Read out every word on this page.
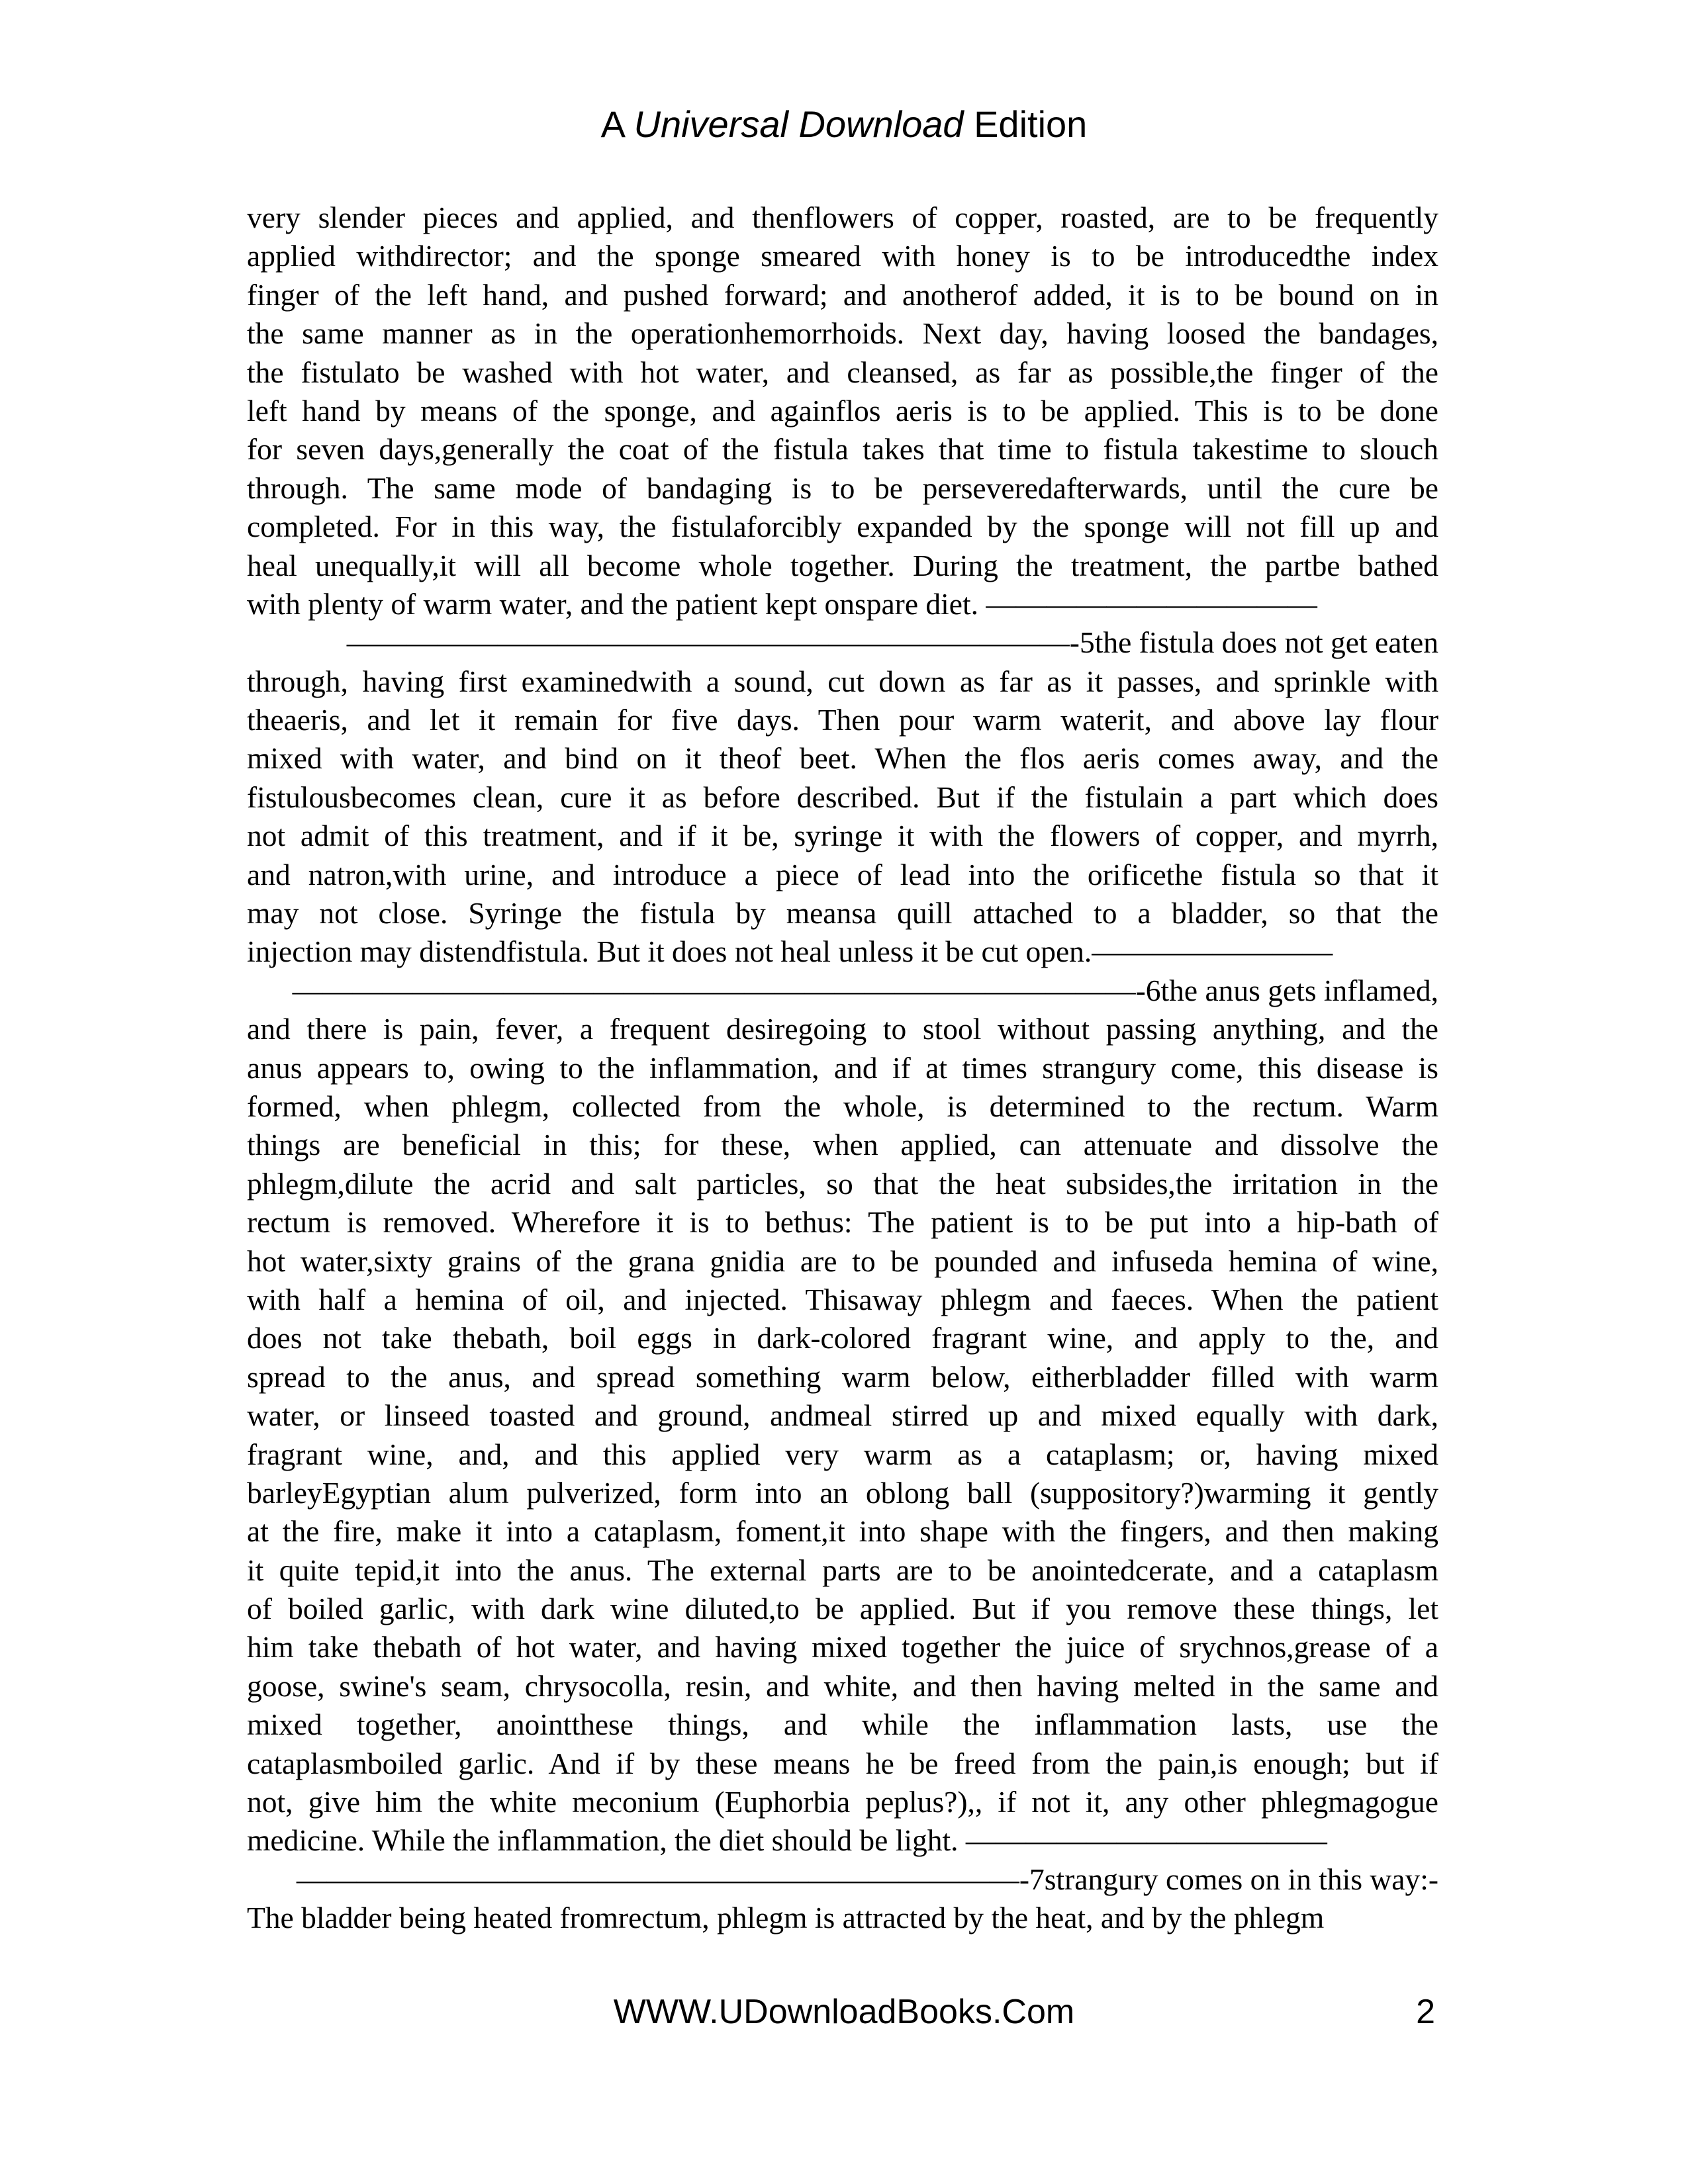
A Universal Download Edition
very slender pieces and applied, and thenflowers of copper, roasted, are to be frequently
applied withdirector; and the sponge smeared with honey is to be introducedthe index
finger of the left hand, and pushed forward; and anotherof added, it is to be bound on in
the same manner as in the operationhemorrhoids. Next day, having loosed the bandages,
the fistulato be washed with hot water, and cleansed, as far as possible,the finger of the
left hand by means of the sponge, and againflos aeris is to be applied. This is to be done
for seven days,generally the coat of the fistula takes that time to fistula takestime to slouch
through. The same mode of bandaging is to be perseveredafterwards, until the cure be
completed. For in this way, the fistulaforcibly expanded by the sponge will not fill up and
heal unequally,it will all become whole together. During the treatment, the partbe bathed
with plenty of warm water, and the patient kept onspare diet. ———————————
————————————————————————-5the fistula does not get eaten
through, having first examinedwith a sound, cut down as far as it passes, and sprinkle with
theaeris, and let it remain for five days. Then pour warm waterit, and above lay flour
mixed with water, and bind on it theof beet. When the flos aeris comes away, and the
fistulousbecomes clean, cure it as before described. But if the fistulain a part which does
not admit of this treatment, and if it be, syringe it with the flowers of copper, and myrrh,
and natron,with urine, and introduce a piece of lead into the orificethe fistula so that it
may not close. Syringe the fistula by meansa quill attached to a bladder, so that the
injection may distendfistula. But it does not heal unless it be cut open.————————
————————————————————————————-6the anus gets inflamed,
and there is pain, fever, a frequent desiregoing to stool without passing anything, and the
anus appears to, owing to the inflammation, and if at times strangury come, this disease is
formed, when phlegm, collected from the whole, is determined to the rectum. Warm
things are beneficial in this; for these, when applied, can attenuate and dissolve the
phlegm,dilute the acrid and salt particles, so that the heat subsides,the irritation in the
rectum is removed. Wherefore it is to bethus: The patient is to be put into a hip-bath of
hot water,sixty grains of the grana gnidia are to be pounded and infuseda hemina of wine,
with half a hemina of oil, and injected. Thisaway phlegm and faeces. When the patient
does not take thebath, boil eggs in dark-colored fragrant wine, and apply to the, and
spread to the anus, and spread something warm below, eitherbladder filled with warm
water, or linseed toasted and ground, andmeal stirred up and mixed equally with dark,
fragrant wine, and, and this applied very warm as a cataplasm; or, having mixed
barleyEgyptian alum pulverized, form into an oblong ball (suppository?)warming it gently
at the fire, make it into a cataplasm, foment,it into shape with the fingers, and then making
it quite tepid,it into the anus. The external parts are to be anointedcerate, and a cataplasm
of boiled garlic, with dark wine diluted,to be applied. But if you remove these things, let
him take thebath of hot water, and having mixed together the juice of srychnos,grease of a
goose, swine's seam, chrysocolla, resin, and white, and then having melted in the same and
mixed together, anointthese things, and while the inflammation lasts, use the
cataplasmboiled garlic. And if by these means he be freed from the pain,is enough; but if
not, give him the white meconium (Euphorbia peplus?),, if not it, any other phlegmagogue
medicine. While the inflammation, the diet should be light. ————————————
————————————————————————-7strangury comes on in this way:-
The bladder being heated fromrectum, phlegm is attracted by the heat, and by the phlegm
WWW.UDownloadBooks.Com	2
